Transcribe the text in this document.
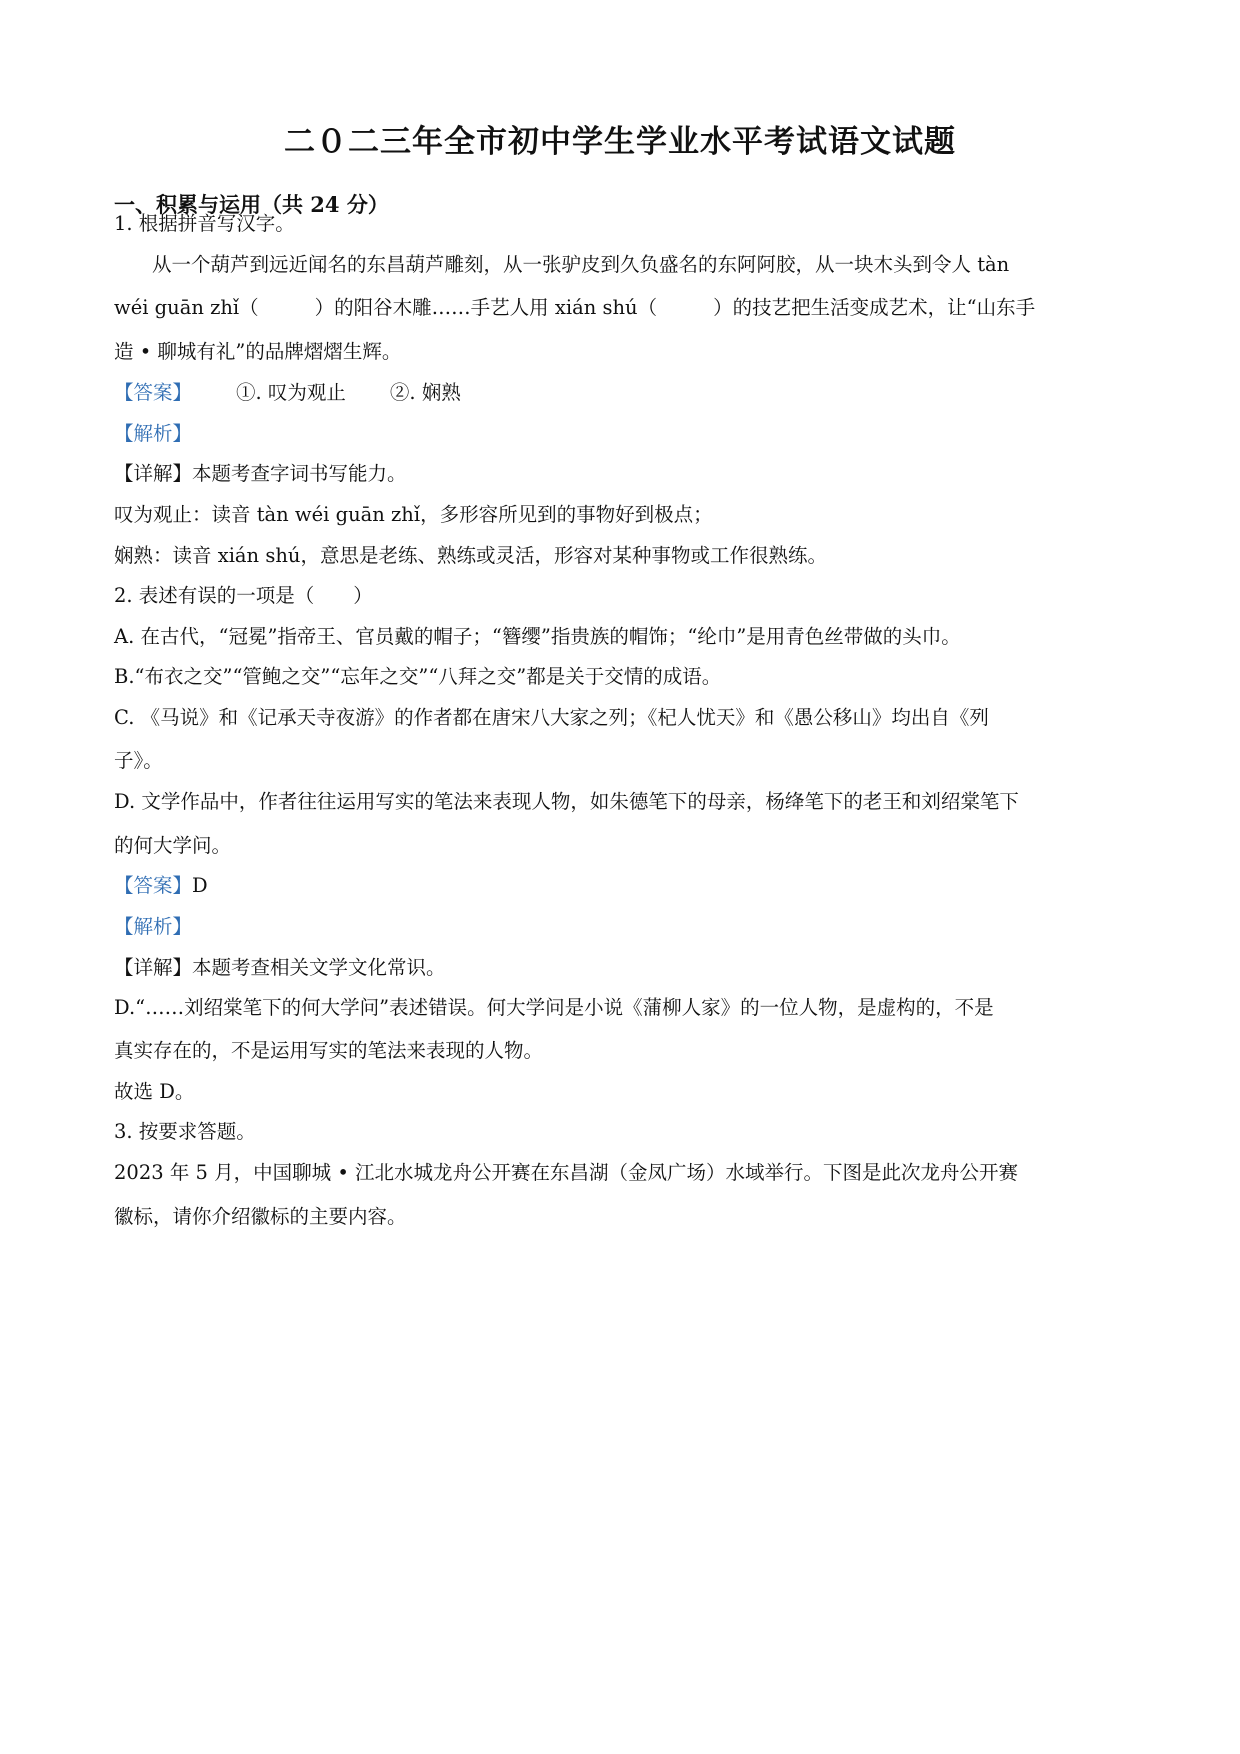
二０二三年全市初中学生学业水平考试语文试题
一、积累与运用（共 24 分）
1. 根据拼音写汉字。
从一个葫芦到远近闻名的东昌葫芦雕刻，从一张驴皮到久负盛名的东阿阿胶，从一块木头到令人 tàn
wéi guān zhǐ（	）的阳谷木雕……手艺人用 xián shú（	）的技艺把生活变成艺术，让“山东手
造 • 聊城有礼”的品牌熠熠生辉。
【答案】 ①. 叹为观止 ②. 娴熟
【解析】
【详解】本题考查字词书写能力。
叹为观止：读音 tàn wéi guān zhǐ，多形容所见到的事物好到极点；
娴熟：读音 xián shú，意思是老练、熟练或灵活，形容对某种事物或工作很熟练。
2. 表述有误的一项是（　　）
A. 在古代，“冠冕”指帝王、官员戴的帽子；“簪缨”指贵族的帽饰；“纶巾”是用青色丝带做的头巾。
B.“布衣之交”“管鲍之交”“忘年之交”“八拜之交”都是关于交情的成语。
C. 《马说》和《记承天寺夜游》的作者都在唐宋八大家之列；《杞人忧天》和《愚公移山》均出自《列
子》。
D. 文学作品中，作者往往运用写实的笔法来表现人物，如朱德笔下的母亲，杨绛笔下的老王和刘绍棠笔下
的何大学问。
【答案】D
【解析】
【详解】本题考查相关文学文化常识。
D.“……刘绍棠笔下的何大学问”表述错误。何大学问是小说《蒲柳人家》的一位人物，是虚构的，不是
真实存在的，不是运用写实的笔法来表现的人物。
故选 D。
3. 按要求答题。
2023 年 5 月，中国聊城 • 江北水城龙舟公开赛在东昌湖（金凤广场）水域举行。下图是此次龙舟公开赛
徽标，请你介绍徽标的主要内容。
